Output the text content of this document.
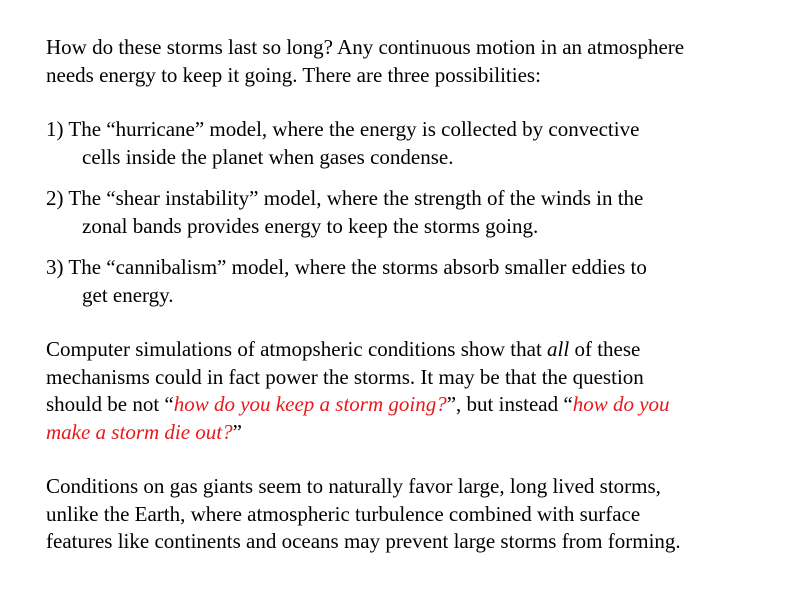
How do these storms last so long? Any continuous motion in an atmosphere
needs energy to keep it going. There are three possibilities:

1) The “hurricane” model, where the energy is collected by convective
cells inside the planet when gases condense.

2) The “shear instability” model, where the strength of the winds in the
zonal bands provides energy to keep the storms going.

3) The “cannibalism” model, where the storms absorb smaller eddies to
get energy.

Computer simulations of atmopsheric conditions show that all of these
mechanisms could in fact power the storms. It may be that the question
should be not “how do you keep a storm going?”, but instead “how do you
make a storm die out?”

Conditions on gas giants seem to naturally favor large, long lived storms,
unlike the Earth, where atmospheric turbulence combined with surface
features like continents and oceans may prevent large storms from forming.
